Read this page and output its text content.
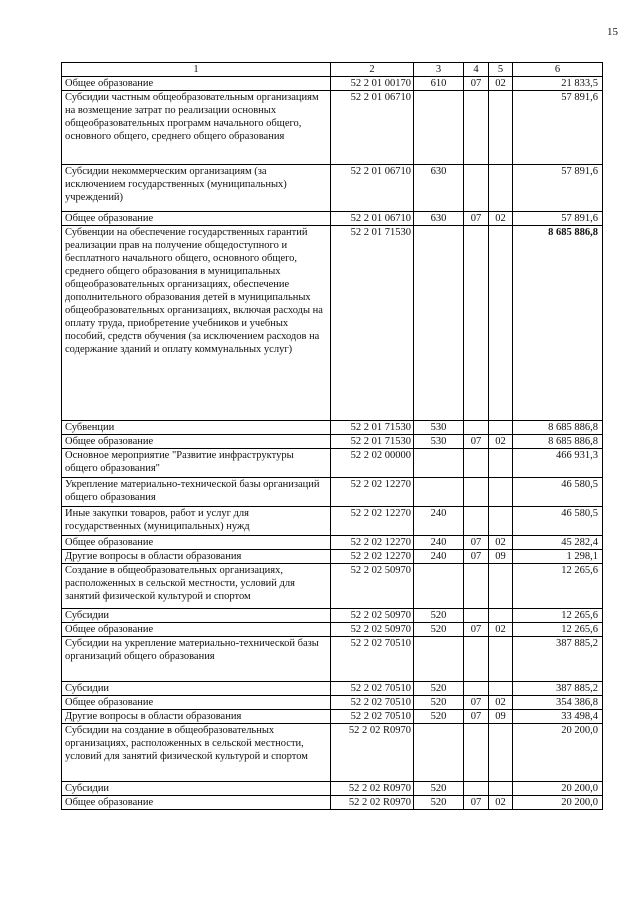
15
1	2	3	4	5	6
Общее образование	52 2 01 00170	610	07	02	21 833,5
Субсидии частным общеобразовательным организациям на возмещение затрат по реализации основных общеобразовательных программ начального общего, основного общего, среднего общего образования	52 2 01 06710				57 891,6
Субсидии некоммерческим организациям (за исключением государственных (муниципальных) учреждений)	52 2 01 06710	630			57 891,6
Общее образование	52 2 01 06710	630	07	02	57 891,6
Субвенции на обеспечение государственных гарантий реализации прав на получение общедоступного и бесплатного начального общего, основного общего, среднего общего образования в муниципальных общеобразовательных организациях, обеспечение дополнительного образования детей в муниципальных общеобразовательных организациях, включая расходы на оплату труда, приобретение учебников и учебных пособий, средств обучения (за исключением расходов на содержание зданий и оплату коммунальных услуг)	52 2 01 71530				8 685 886,8
Субвенции	52 2 01 71530	530			8 685 886,8
Общее образование	52 2 01 71530	530	07	02	8 685 886,8
Основное мероприятие "Развитие инфраструктуры общего образования"	52 2 02 00000				466 931,3
Укрепление материально-технической базы организаций общего образования	52 2 02 12270				46 580,5
Иные закупки товаров, работ и услуг для государственных (муниципальных) нужд	52 2 02 12270	240			46 580,5
Общее образование	52 2 02 12270	240	07	02	45 282,4
Другие вопросы в области образования	52 2 02 12270	240	07	09	1 298,1
Создание в общеобразовательных организациях, расположенных в сельской местности, условий для занятий физической культурой и спортом	52 2 02 50970				12 265,6
Субсидии	52 2 02 50970	520			12 265,6
Общее образование	52 2 02 50970	520	07	02	12 265,6
Субсидии на укрепление материально-технической базы организаций общего образования	52 2 02 70510				387 885,2
Субсидии	52 2 02 70510	520			387 885,2
Общее образование	52 2 02 70510	520	07	02	354 386,8
Другие вопросы в области образования	52 2 02 70510	520	07	09	33 498,4
Субсидии на создание в общеобразовательных организациях, расположенных в сельской местности, условий для занятий физической культурой и спортом	52 2 02 R0970				20 200,0
Субсидии	52 2 02 R0970	520			20 200,0
Общее образование	52 2 02 R0970	520	07	02	20 200,0
